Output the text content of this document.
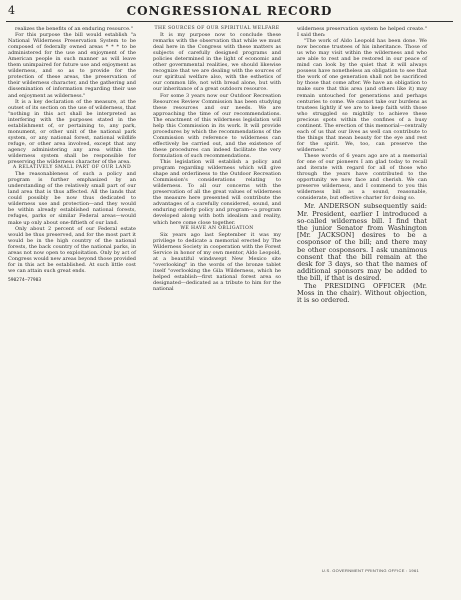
4	CONGRESSIONAL RECORD

realizes the benefits of an enduring resource."

For this purpose the bill would establish "a National Wilderness Preservation System to be composed of federally owned areas * * * to be administered for the use and enjoyment of the American people in such manner as will leave them unimpaired for future use and enjoyment as wilderness, and so as to provide for the protection of these areas, the preservation of their wilderness character, and the gathering and dissemination of information regarding their use and enjoyment as wilderness."

It is a key declaration of the measure, at the outset of its section on the use of wilderness, that "nothing in this act shall be interpreted as interfering with the purposes stated in the establishment of, or pertaining to, any park, monument, or other unit of the national park system, or any national forest, national wildlife refuge, or other area involved, except that any agency administering any area within the wilderness system shall be responsible for preserving the wilderness character of the area.

A RELATIVELY SMALL PART OF OUR LAND

The reasonableness of such a policy and program is further emphasized by an understanding of the relatively small part of our land area that is thus affected. All the lands that could possibly be now thus dedicated to wilderness use and protection—and they would be within already established national forests, refuges, parks or similar Federal areas—would make up only about one-fiftieth of our land.

Only about 2 percent of our Federal estate would be thus preserved, and for the most part it would be in the high country of the national forests, the back country of the national parks, in areas not now open to exploitation. Only by act of Congress would new areas beyond those provided for in this act be established. At such little cost we can attain such great ends.

590274—77903

THE SOURCES OF OUR SPIRITUAL WELFARE

It is my purpose now to conclude these remarks with the observation that while we must deal here in the Congress with these matters as subjects of carefully designed programs and policies determined in the light of economic and other governmental realities, we should likewise recognize that we are dealing with the sources of our spiritual welfare also, with the esthetics of our common life, not with bread alone, but with our inheritance of a great outdoors resource.

For some 3 years now our Outdoor Recreation Resources Review Commission has been studying these resources and our needs. We are approaching the time of our recommendations. The enactment of this wilderness legislation will help this Commission in its work. It will provide procedures by which the recommendations of the Commission with reference to wilderness can effectively be carried out, and the existence of these procedures can indeed facilitate the very formulation of such recommendations.

This legislation will establish a policy and program regarding wilderness which will give shape and orderliness to the Outdoor Recreation Commission's considerations relating to wilderness. To all our concerns with the preservation of all the great values of wilderness the measure here presented will contribute the advantages of a carefully considered, sound, and enduring orderly policy and program—a program developed along with both idealism and reality, which here come close together.

WE HAVE AN OBLIGATION

Six years ago last September it was my privilege to dedicate a memorial erected by The Wilderness Society in cooperation with the Forest Service in honor of my own mentor, Aldo Leopold, at a beautiful windswept New Mexico site "overlooking" in the words of the bronze tablet itself "overlooking the Gila Wilderness, which he helped establish—first national forest area so designated—dedicated as a tribute to him for the national

wilderness preservation system he helped create." I said then:

"The work of Aldo Leopold has been done. We now become trustees of his inheritance. Those of us who may visit within the wilderness and who are able to rest and be restored in our peace of mind can look by the quiet that it will always possess have nonetheless an obligation to see that the work of one generation shall not be sacrificed by those that come after. We have an obligation to make sure that this area (and others like it) may remain untouched for generations and perhaps centuries to come. We cannot take our burdens as trustees lightly if we are to keep faith with those who struggled so mightily to achieve these precious spots within the confines of a busy continent. The erection of this memorial—centrally each of us that our lives as well can contribute to the things that mean beauty for the eye and rest for the spirit. We, too, can preserve the wilderness."

These words of 6 years ago are at a memorial for one of our pioneers I am glad today to recall and iterate with regard for all of those who through the years have contributed to the opportunity we now face and cherish. We can preserve wilderness, and I commend to you this wilderness bill as a sound, reasonable, considerate, but effective charter for doing so.

Mr. ANDERSON subsequently said: Mr. President, earlier I introduced a so-called wilderness bill. I find that the junior Senator from Washington [Mr. JACKSON] desires to be a cosponsor of the bill; and there may be other cosponsors. I ask unanimous consent that the bill remain at the desk for 3 days, so that the names of additional sponsors may be added to the bill, if that is desired.

The PRESIDING OFFICER (Mr. Moss in the chair). Without objection, it is so ordered.

U.S. GOVERNMENT PRINTING OFFICE : 1961
